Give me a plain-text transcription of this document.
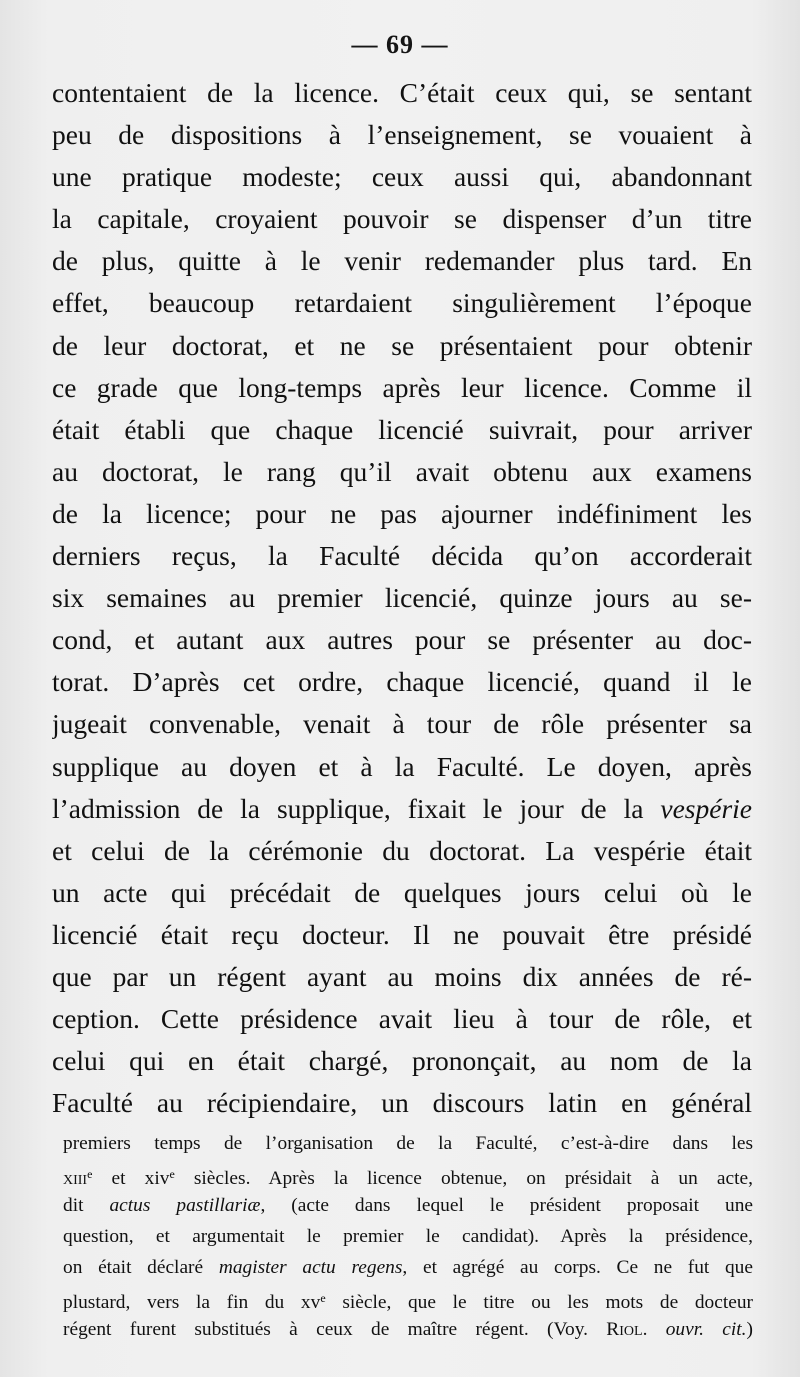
— 69 —
contentaient de la licence. C’était ceux qui, se sentant
peu de dispositions à l’enseignement, se vouaient à
une pratique modeste; ceux aussi qui, abandonnant
la capitale, croyaient pouvoir se dispenser d’un titre
de plus, quitte à le venir redemander plus tard. En
effet, beaucoup retardaient singulièrement l’époque
de leur doctorat, et ne se présentaient pour obtenir
ce grade que long-temps après leur licence. Comme il
était établi que chaque licencié suivrait, pour arriver
au doctorat, le rang qu’il avait obtenu aux examens
de la licence; pour ne pas ajourner indéfiniment les
derniers reçus, la Faculté décida qu’on accorderait
six semaines au premier licencié, quinze jours au se-
cond, et autant aux autres pour se présenter au doc-
torat. D’après cet ordre, chaque licencié, quand il le
jugeait convenable, venait à tour de rôle présenter sa
supplique au doyen et à la Faculté. Le doyen, après
l’admission de la supplique, fixait le jour de la vespérie
et celui de la cérémonie du doctorat. La vespérie était
un acte qui précédait de quelques jours celui où le
licencié était reçu docteur. Il ne pouvait être présidé
que par un régent ayant au moins dix années de ré-
ception. Cette présidence avait lieu à tour de rôle, et
celui qui en était chargé, prononçait, au nom de la
Faculté au récipiendaire, un discours latin en général
premiers temps de l’organisation de la Faculté, c’est-à-dire dans les
xiii$^e$ et xiv$^e$ siècles. Après la licence obtenue, on présidait à un acte,
dit actus pastillariæ, (acte dans lequel le président proposait une
question, et argumentait le premier le candidat). Après la présidence,
on était déclaré magister actu regens, et agrégé au corps. Ce ne fut que
plustard, vers la fin du $xv^e$ siècle, que le titre ou les mots de docteur
régent furent substitués à ceux de maître régent. (Voy. Riol. ouvr. cit.)
